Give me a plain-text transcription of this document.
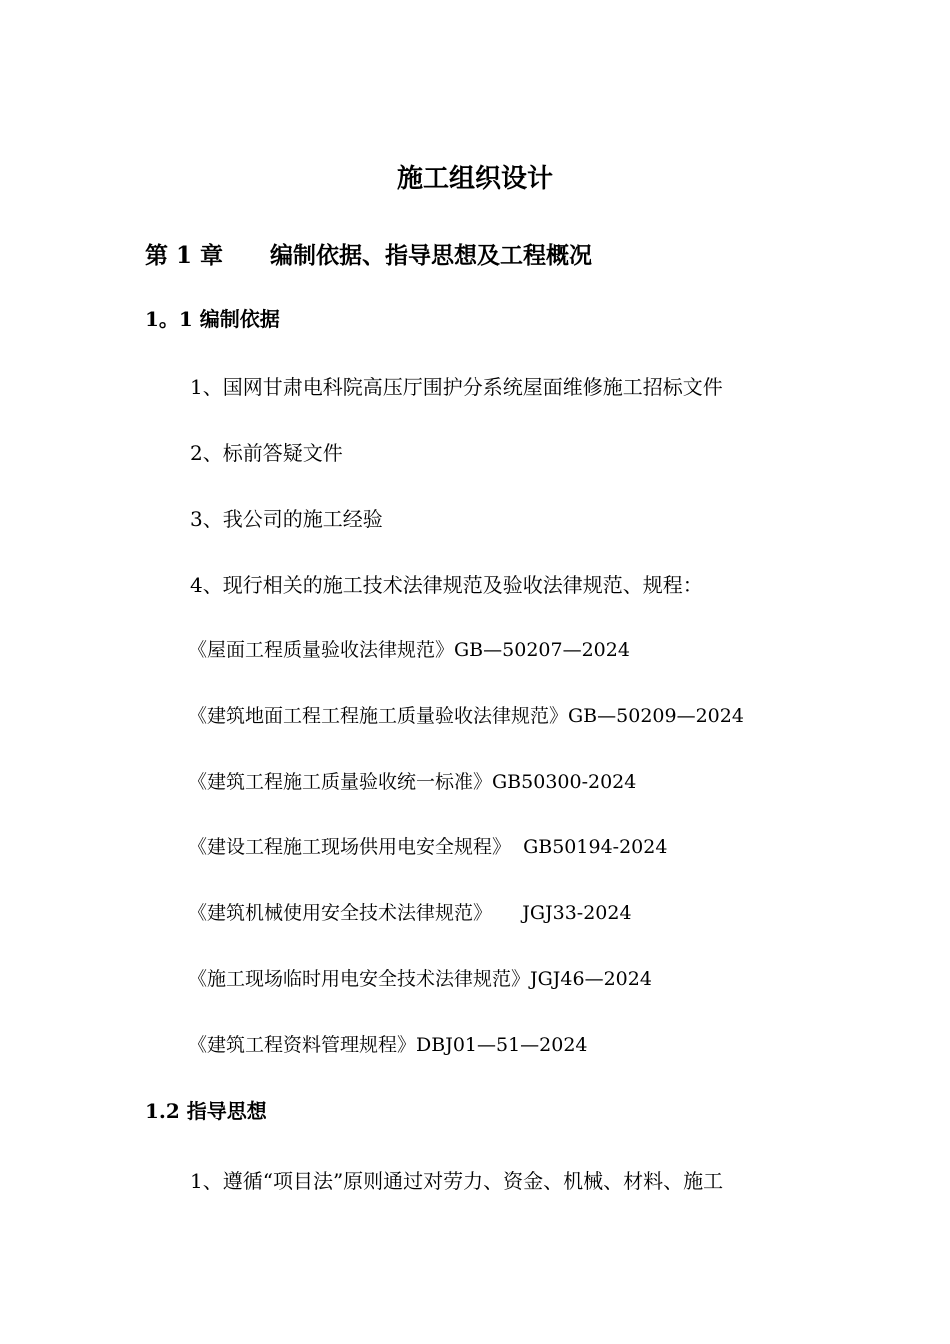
施工组织设计
第 1 章 编制依据、指导思想及工程概况
1。1 编制依据
1、国网甘肃电科院高压厅围护分系统屋面维修施工招标文件
2、标前答疑文件
3、我公司的施工经验
4、现行相关的施工技术法律规范及验收法律规范、规程：
《屋面工程质量验收法律规范》GB—50207—2024
《建筑地面工程工程施工质量验收法律规范》GB—50209—2024
《建筑工程施工质量验收统一标准》GB50300-2024
《建设工程施工现场供用电安全规程》  GB50194-2024
《建筑机械使用安全技术法律规范》     JGJ33-2024
《施工现场临时用电安全技术法律规范》JGJ46—2024
《建筑工程资料管理规程》DBJ01—51—2024
1.2 指导思想
1、遵循“项目法”原则通过对劳力、资金、机械、材料、施工
